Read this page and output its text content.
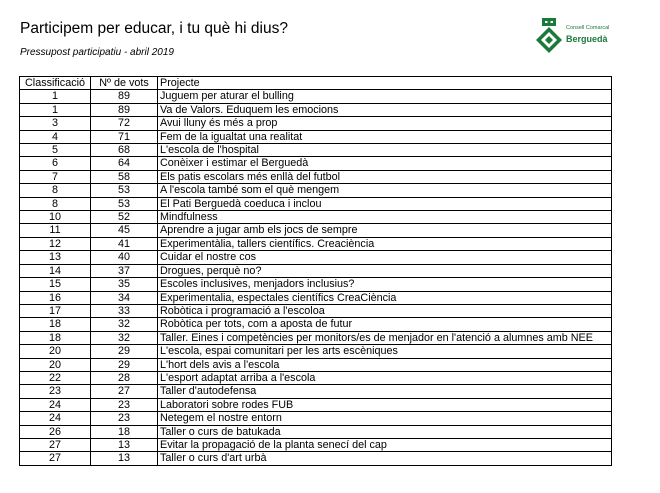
Participem per educar, i tu què hi dius?
Pressupost participatiu - abril 2019
Consell Comarcal
Berguedà
Classificació	Nº de vots	Projecte
1	89	Juguem per aturar el bulling
1	89	Va de Valors. Eduquem les emocions
3	72	Avui lluny és més a prop
4	71	Fem de la igualtat una realitat
5	68	L'escola de l'hospital
6	64	Conèixer i estimar el Berguedà
7	58	Els patis escolars més enllà del futbol
8	53	A l'escola també som el què mengem
8	53	El Pati Berguedà coeduca i inclou
10	52	Mindfulness
11	45	Aprendre a jugar amb els jocs de sempre
12	41	Experimentàlia, tallers científics. Creaciència
13	40	Cuidar el nostre cos
14	37	Drogues, perquè no?
15	35	Escoles inclusives, menjadors inclusius?
16	34	Experimentalia, espectales científics CreaCiència
17	33	Robòtica i programació a l'escoloa
18	32	Robòtica per tots, com a aposta de futur
18	32	Taller. Eines i competències per monitors/es de menjador en l'atenció a alumnes amb NEE
20	29	L'escola, espai comunitari per les arts escèniques
20	29	L'hort dels avis a l'escola
22	28	L'esport adaptat arriba a l'escola
23	27	Taller d'autodefensa
24	23	Laboratori sobre rodes FUB
24	23	Netegem el nostre entorn
26	18	Taller o curs de batukada
27	13	Evitar la propagació de la planta senecí del cap
27	13	Taller o curs d'art urbà
